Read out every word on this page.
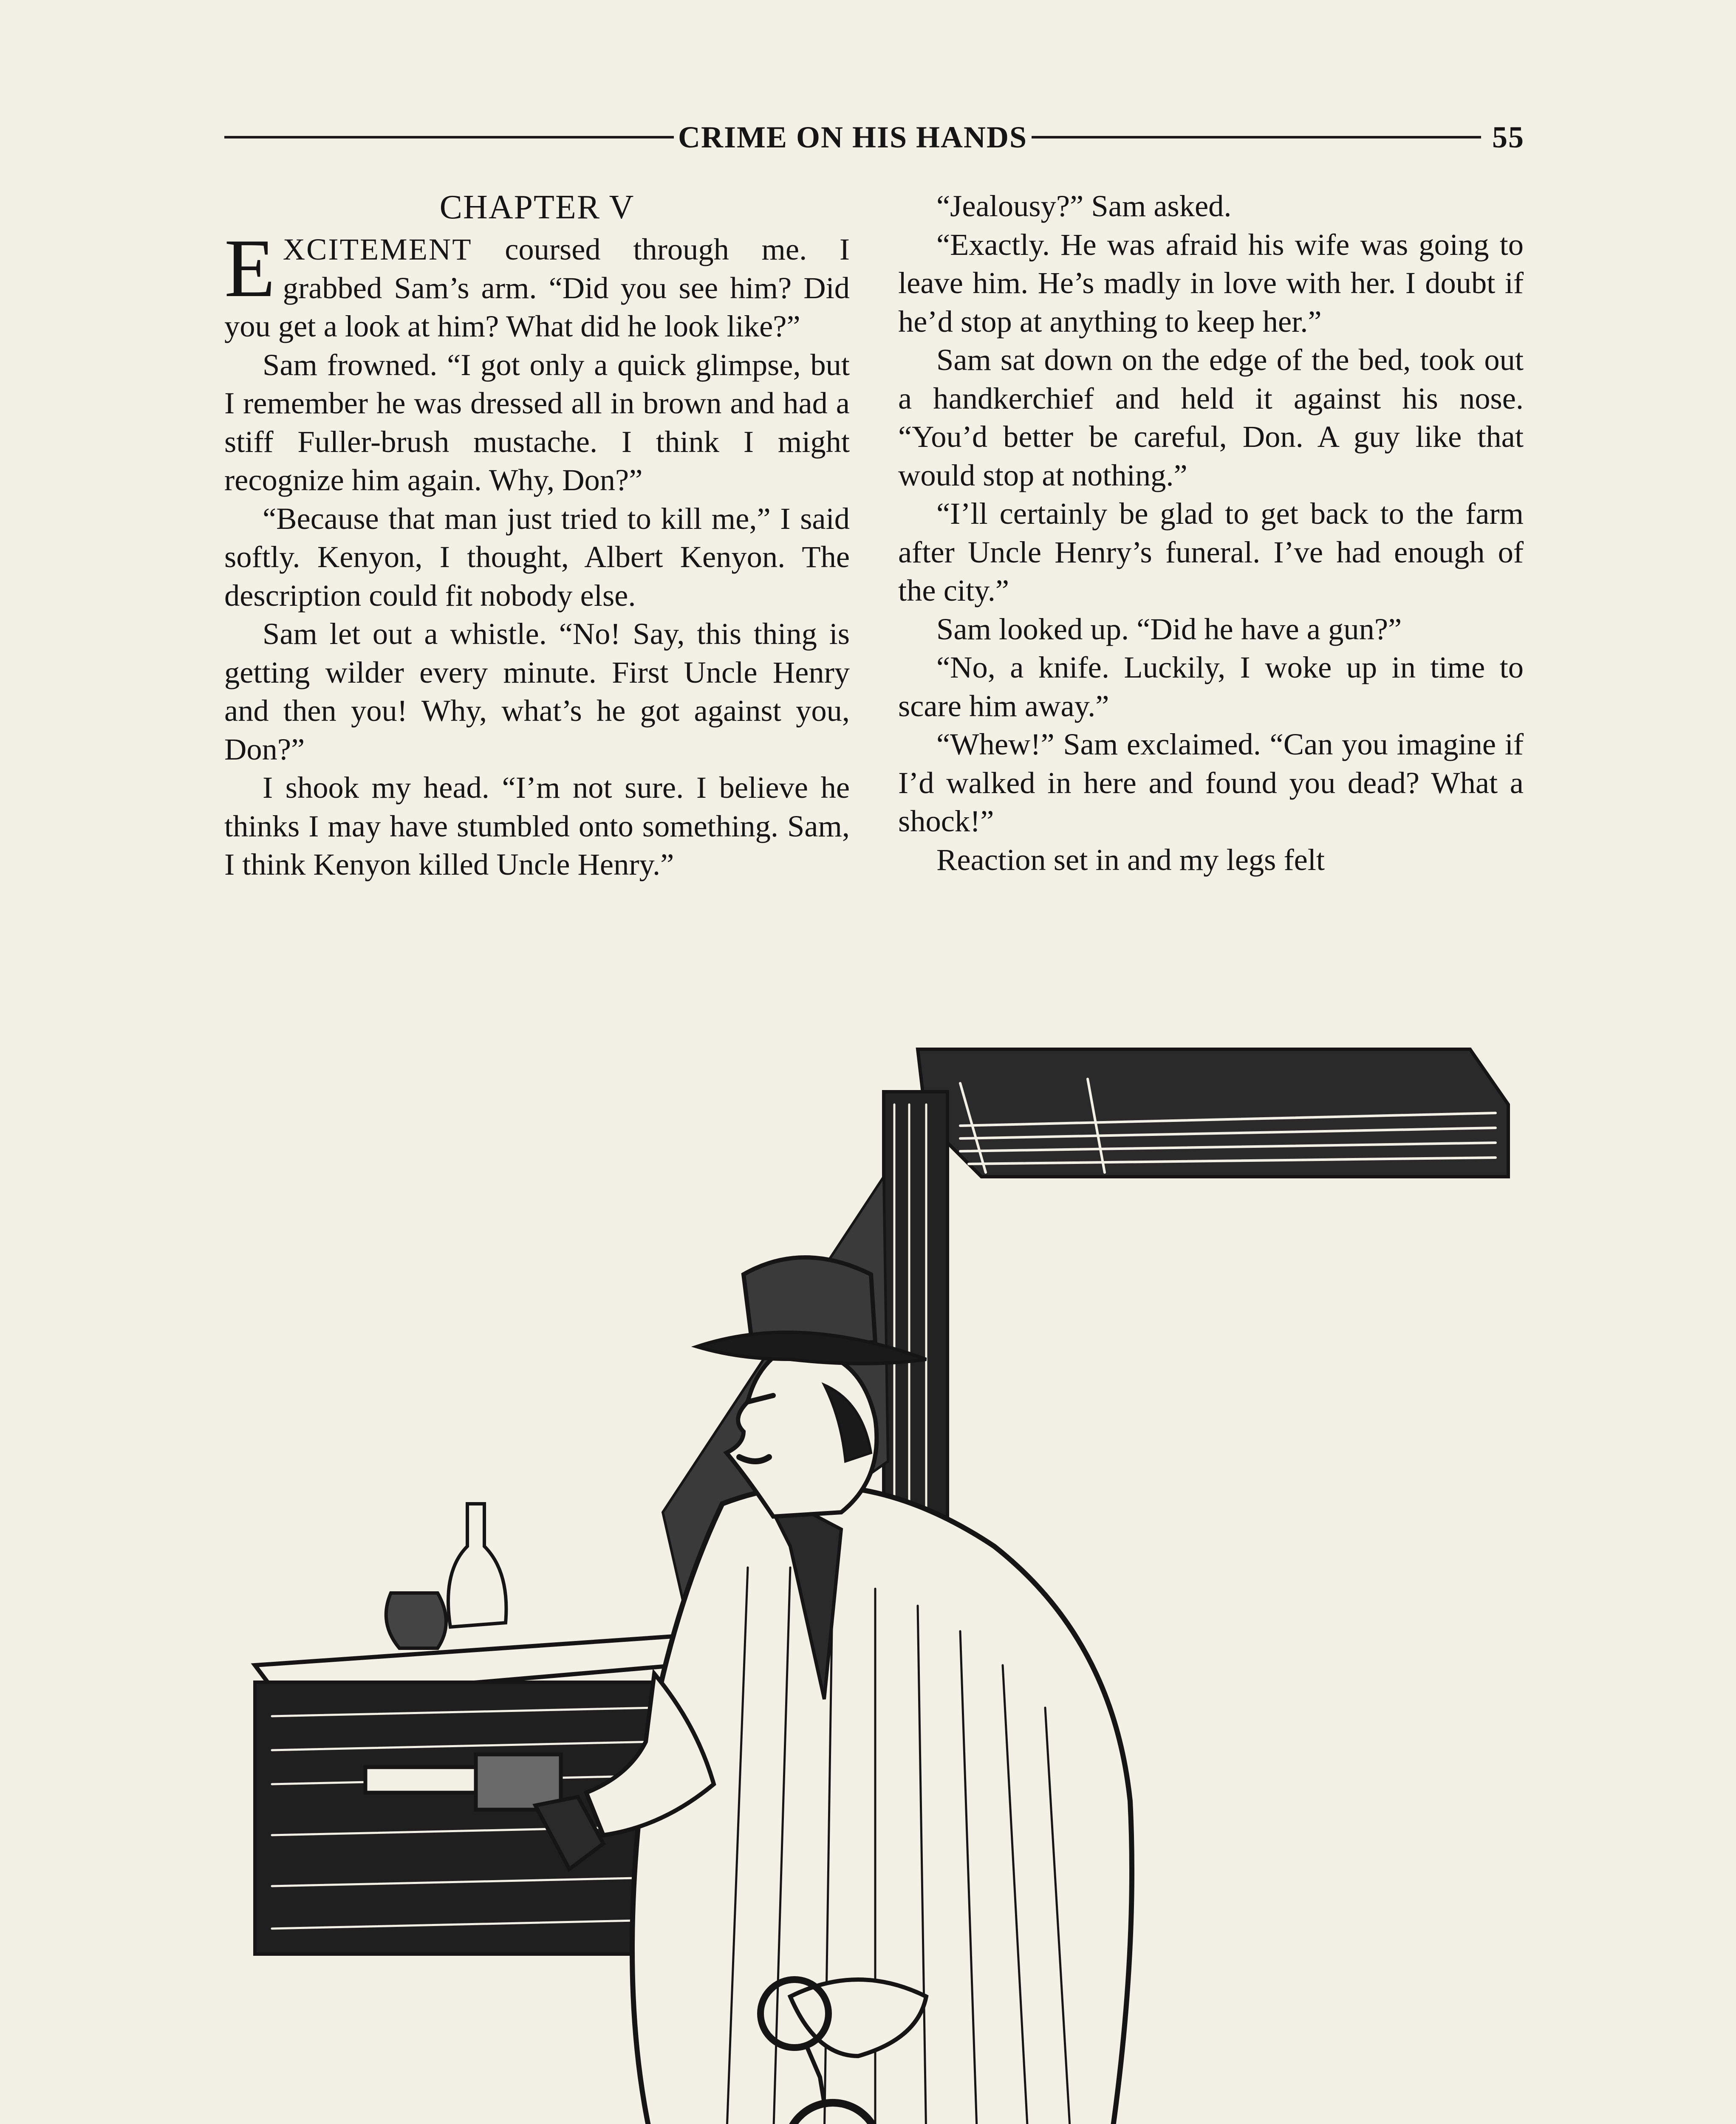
CRIME ON HIS HANDS	55
CHAPTER V

EXCITEMENT coursed through me. I grabbed Sam’s arm. “Did you see him? Did you get a look at him? What did he look like?”

Sam frowned. “I got only a quick glimpse, but I remember he was dressed all in brown and had a stiff Fuller-brush mustache. I think I might recognize him again. Why, Don?”

“Because that man just tried to kill me,” I said softly. Kenyon, I thought, Albert Kenyon. The description could fit nobody else.

Sam let out a whistle. “No! Say, this thing is getting wilder every minute. First Uncle Henry and then you! Why, what’s he got against you, Don?”

I shook my head. “I’m not sure. I believe he thinks I may have stumbled onto something. Sam, I think Kenyon killed Uncle Henry.”

“Jealousy?” Sam asked.

“Exactly. He was afraid his wife was going to leave him. He’s madly in love with her. I doubt if he’d stop at anything to keep her.”

Sam sat down on the edge of the bed, took out a handkerchief and held it against his nose. “You’d better be careful, Don. A guy like that would stop at nothing.”

“I’ll certainly be glad to get back to the farm after Uncle Henry’s funeral. I’ve had enough of the city.”

Sam looked up. “Did he have a gun?”

“No, a knife. Luckily, I woke up in time to scare him away.”

“Whew!” Sam exclaimed. “Can you imagine if I’d walked in here and found you dead? What a shock!”

Reaction set in and my legs felt
